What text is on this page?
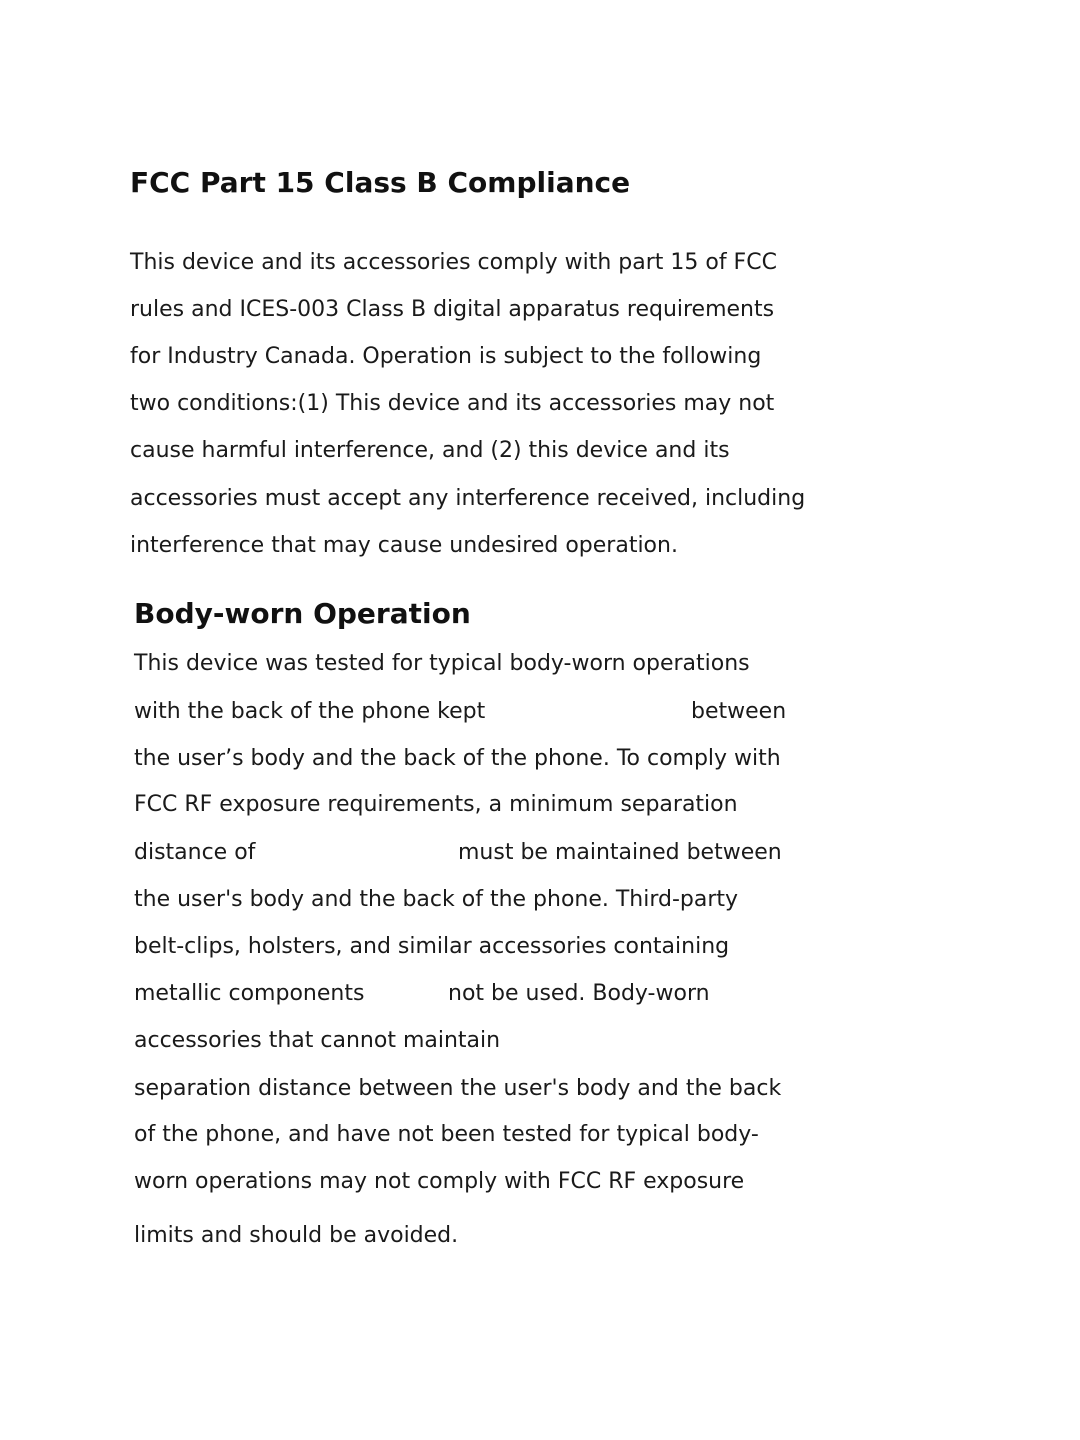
FCC Part 15 Class B Compliance

This device and its accessories comply with part 15 of FCC

rules and ICES-003 Class B digital apparatus requirements

for Industry Canada. Operation is subject to the following

two conditions:(1) This device and its accessories may not

cause harmful interference, and (2) this device and its

accessories must accept any interference received, including

interference that may cause undesired operation.

Body-worn Operation

This device was tested for typical body-worn operations

with the back of the phone kept	between

the user’s body and the back of the phone. To comply with

FCC RF exposure requirements, a minimum separation

distance of	must be maintained between

the user's body and the back of the phone. Third-party

belt-clips, holsters, and similar accessories containing

metallic components	not be used. Body-worn

accessories that cannot maintain

separation distance between the user's body and the back

of the phone, and have not been tested for typical body-

worn operations may not comply with FCC RF exposure

limits and should be avoided.
